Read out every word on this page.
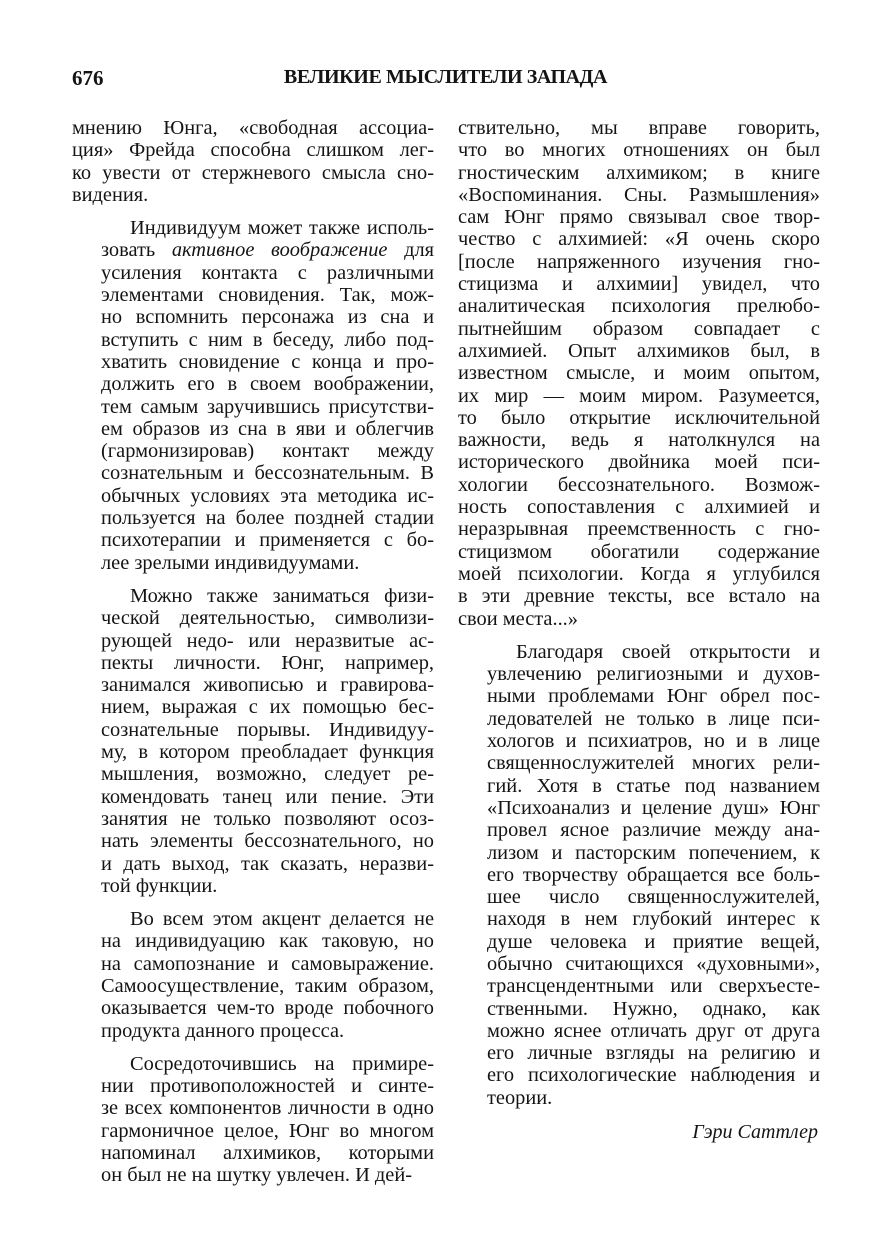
676	ВЕЛИКИЕ МЫСЛИТЕЛИ ЗАПАДА
мнению Юнга, «свободная ассоциа-
ция» Фрейда способна слишком лег-
ко увести от стержневого смысла сно-
видения.
Индивидуум может также исполь-
зовать активное воображение для
усиления контакта с различными
элементами сновидения. Так, мож-
но вспомнить персонажа из сна и
вступить с ним в беседу, либо под-
хватить сновидение с конца и про-
должить его в своем воображении,
тем самым заручившись присутстви-
ем образов из сна в яви и облегчив
(гармонизировав) контакт между
сознательным и бессознательным. В
обычных условиях эта методика ис-
пользуется на более поздней стадии
психотерапии и применяется с бо-
лее зрелыми индивидуумами.
Можно также заниматься физи-
ческой деятельностью, символизи-
рующей недо- или неразвитые ас-
пекты личности. Юнг, например,
занимался живописью и гравирова-
нием, выражая с их помощью бес-
сознательные порывы. Индивидуу-
му, в котором преобладает функция
мышления, возможно, следует ре-
комендовать танец или пение. Эти
занятия не только позволяют осоз-
нать элементы бессознательного, но
и дать выход, так сказать, неразви-
той функции.
Во всем этом акцент делается не
на индивидуацию как таковую, но
на самопознание и самовыражение.
Самоосуществление, таким образом,
оказывается чем-то вроде побочного
продукта данного процесса.
Сосредоточившись на примире-
нии противоположностей и синте-
зе всех компонентов личности в одно
гармоничное целое, Юнг во многом
напоминал алхимиков, которыми
он был не на шутку увлечен. И дей-
ствительно, мы вправе говорить,
что во многих отношениях он был
гностическим алхимиком; в книге
«Воспоминания. Сны. Размышления»
сам Юнг прямо связывал свое твор-
чество с алхимией: «Я очень скоро
[после напряженного изучения гно-
стицизма и алхимии] увидел, что
аналитическая психология прелюбо-
пытнейшим образом совпадает с
алхимией. Опыт алхимиков был, в
известном смысле, и моим опытом,
их мир — моим миром. Разумеется,
то было открытие исключительной
важности, ведь я натолкнулся на
исторического двойника моей пси-
хологии бессознательного. Возмож-
ность сопоставления с алхимией и
неразрывная преемственность с гно-
стицизмом обогатили содержание
моей психологии. Когда я углубился
в эти древние тексты, все встало на
свои места...»
Благодаря своей открытости и
увлечению религиозными и духов-
ными проблемами Юнг обрел пос-
ледователей не только в лице пси-
хологов и психиатров, но и в лице
священнослужителей многих рели-
гий. Хотя в статье под названием
«Психоанализ и целение душ» Юнг
провел ясное различие между ана-
лизом и пасторским попечением, к
его творчеству обращается все боль-
шее число священнослужителей,
находя в нем глубокий интерес к
душе человека и приятие вещей,
обычно считающихся «духовными»,
трансцендентными или сверхъесте-
ственными. Нужно, однако, как
можно яснее отличать друг от друга
его личные взгляды на религию и
его психологические наблюдения и
теории.
Гэри Саттлер
